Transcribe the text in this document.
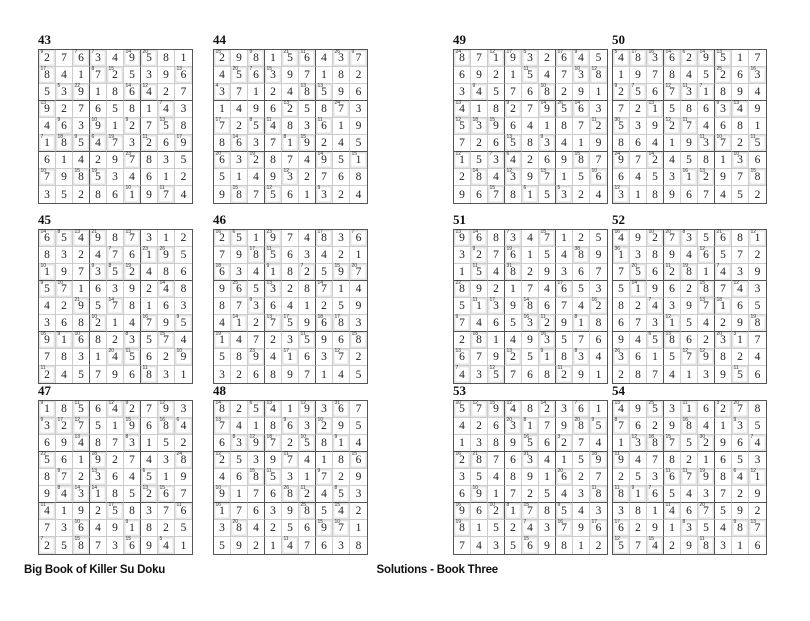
43
9 2 7 7 6 7 3 4 14
9 20
5 8 1
17
8 4 1 8 7 15
2 5 3 9 13
6
5 5 3 22
9 1 8 14
6 12
4 2 7
13
9 2 7 6 5 8 1 7 4 3
4 9 6 3 10
9 1 9 2 7 13
5 8
7 1 18
8 9 5 6 4 19
7 3 11
2 6 17
9
6 1 4 2 9 23
7 8 3 5
10
7 9 15
8 19
5 3 4 6 1 2
3 5 2 8 6
10
1 9
11
7 4
44
15
2 9 9 8 1 21
5 11
6 4 26
3 9 7
4 20
5 7 6 15
3 9 7 1 8 2
4 3 7 1 2 4 13
8 13
5 9 6
1 4 9 6 13
2 5 8 24
7 3
17
7 2 8 5 11
4 8 3 11
6 1 9
8 14
6 3 7 8 1 15
9 2 4 5
20
6 3 19
2 8 7 4 14
9 5 15
1
5 1 4 9 12
3 2 7 6 8
9
15
8 7
12
5 6 1
9
3 2 4
49
24
8 7 12
1 17
9 5 3 2 17
6 9 4 5
6 9 2 1 11
5 4 7 10
3 12
8
3 9 4 5 7 6 10
8 2 9 1
13
4 1 8 9 2 7 14
9 26
5 14
6 3
12
5 18
3 15
9 6 4 1 8 7 11
2
7 2 6 13
5 8 9 3 4 1 9
12
1 5 7 3 6 4 2 6 9 15
8 7
2 14
8 4 12
3 9 13
7 1 5 10
6
9 6
15
7 8
6
1 5
5
3 2 4
50
5 4 17
8 16
3 14
6 6 2 14
9 13
5 1 7
1 9 7 8 4 5 25
2 6 16
3
9 2 7 5 6 12
7 11
3 7 1 8 9 4
7 2 13
1 5 8 6 9 3 13
4 9
30
5 3 9 12
2 11
7 4 6 8 1
8 6 4 1 9 11
3 10
7 2 11
5
24
9 7 14
2 4 5 8 1 10
3 6
6 4 5 3 16
1 13
2 9 7 15
8
12
3 1 8 9 6 7 4 5 2
45
14
6 8 5 13
4 21
9 8 13
7 3 1 2
8 3 2 4 7 7 6 23
1 26
9 5
10
1 9 7 9 3 8 5 19
2 4 8 6
9 5 10
7 1 6 3 9 2 14
4 8
4 2 21
9 5 14
7 8 1 6 3
3 6 8 10
2 1 4 16
7 9 9 5
16
9 9 1 10
6 8 2 8 3 5 15
7 4
7 8 3 1 20
4 11
5 6 2 10
9
11
2 4 5 7 9 6
11
8 3 1
46
16
2 6 5 1 23
9 7 4 17
8 3 7 6
7 9 17
8 11
5 6 3 4 2 1
18
6 3 4 9 1 8 7 2 5 15
9 20
7
9 25
6 5 13
3 2 8 14
7 1 4
8 7 9 3 6 4 1 2 5 9
4 14
1 2 13
7 17
5 9 18
6 17
8 3
19
1 4 7 2 3 11
5 9 6 15
8
5 8 23
9 4 17
1 6 3 12
7 2
3 2 6 8 9 7 1 4 5
51
13
9 14
6 8 7 3 4 15
7 1 2 5
3 9 2 7 19
6 1 5 4 38
8 9
1 11
5 4 31
8 2 9 3 6 7
22
8 9 2 1 7 4 17
6 5 3
5 11
1 17
3 9 14
8 6 7 4 16
2
9 7 4 6 5 16
3 11
2 9 8 1 8
2 18
8 1 4 9 16
3 5 7 6
13
6 7 9 13
2 5 9 1 8 8 3 4
7
4 3
12
5 7 6 8
11
2 9 1
52
16
4 9 10
2 20
7 8 3 5 21
6 8 12
1
36
1 3 8 9 4 12
6 5 7 2
7 20
5 6 11
2 19
8 1 7 4 3 9
5 14
1 9 6 2 15
8 7 12
4 3
8 2 7 4 3 9 13
7 18
1 6 5
6 7 3 12
1 5 4 2 9 19
8
9 4 6 5 13
8 6 2 20
3 3 1 7
26
3 6 1 5 12
7 12
9 8 2 4
2 8 7 4 1 3 9
11
5 6
47
9 1 8 11
5 6 12
4 9 2 7 12
9 3
9 3 17
2 12
7 5 1 15
9 6 16
8 6 4
6 9 13
4 8 7 8 3 1 5 2
22
5 6 1 18
9 2 7 4 3 24
8
8 9 7 2 13
3 6 4 6 5 1 9
9 8 4 14
3 14
1 8 5 13
2 15
6 7
11
4 1 9 2 17
5 8 3 7 11
6
7 3 10
6 4 9 9 1 8 2 5
7
2 5
15
8 7 3
15
6 9
5
4 1
48
14
8 2 6 5 13
4 1 12
9 3 31
6 7
13
7 4 1 8 9 6 3 10
2 9 5
6 8 3 12
9 18
7 2 10
5 8 9 1 4
12
2 5 3 9 11
7 4 1 8 15
6
4 6 15
8 11
5 3 1 9 7 2 9
10
9 1 7 6 26
8 11
2 4 8 5 3
16
1 7 6 3 9 25
8 5 15
4 2
3 20
8 4 2 5 6 15
9 10
7 1
5 9 2 1
11
4 7 6 3 8
53
10
5 12
7 15
9 12
4 8 14
2 3 7 6 1
4 2 6 20
3 8 1 7 9 20
8 9 5
1 3 8 9 16
5 6 3 2 7 4
16
2 21
8 7 6 31
3 4 1 5 18
9
3 5 4 8 9 1 20
6 2 7
6 10
9 1 7 2 5 4 3 11
8
16
9 6 10
2 8 1 15
7 8 9 5 4 3
19
8 1 5 2 7 4 3 16
7 9 17
6
7 4 3 5
15
6 9 8 1 2
54
13
4 9 25
5 3 11
1 6 3 2 20
7 8
8 7 6 2 9 16
8 4 1 9 3 5
1 12
3 18
8 15
7 5 30
2 9 6 7 4
11
9 4 7 8 2 1 6 5 3
2 5 3 11
6 11
7 19
9 8 6 4 12
1
11
8 9 1 7 6 5 4 3 7 2 9
3 8 1 11
4 6 20
7 5 9 2
17
6 2 9 1 8 3 5 4 9 8 13
7
12
5 7
15
4 2 9
11
8 3 1 6
Big Book of Killer Su Doku	Solutions - Book Three
